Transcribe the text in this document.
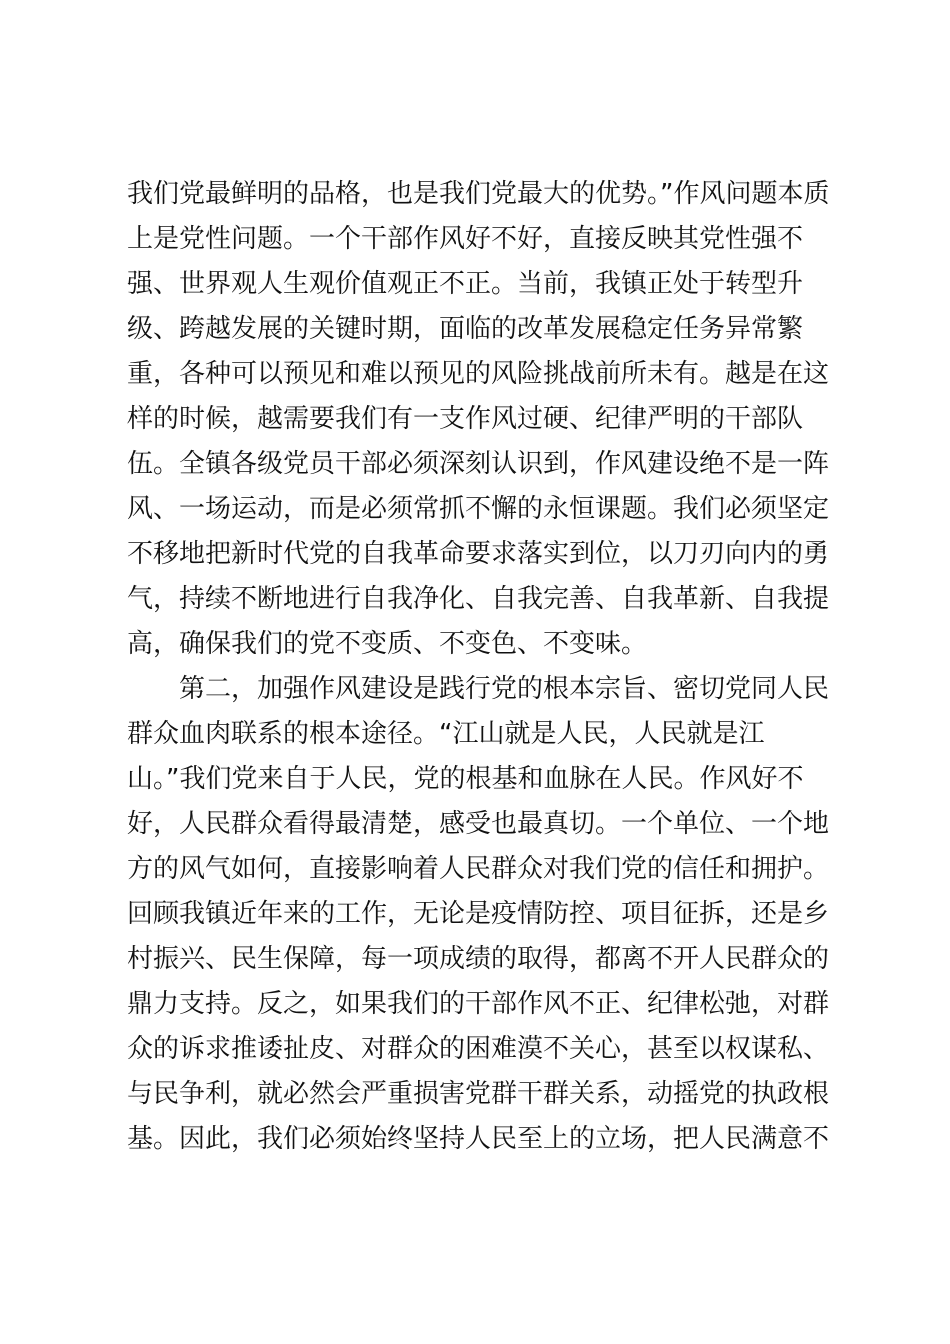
我们党最鲜明的品格，也是我们党最大的优势。”作风问题本质
上是党性问题。一个干部作风好不好，直接反映其党性强不
强、世界观人生观价值观正不正。当前，我镇正处于转型升
级、跨越发展的关键时期，面临的改革发展稳定任务异常繁
重，各种可以预见和难以预见的风险挑战前所未有。越是在这
样的时候，越需要我们有一支作风过硬、纪律严明的干部队
伍。全镇各级党员干部必须深刻认识到，作风建设绝不是一阵
风、一场运动，而是必须常抓不懈的永恒课题。我们必须坚定
不移地把新时代党的自我革命要求落实到位，以刀刃向内的勇
气，持续不断地进行自我净化、自我完善、自我革新、自我提
高，确保我们的党不变质、不变色、不变味。
第二，加强作风建设是践行党的根本宗旨、密切党同人民
群众血肉联系的根本途径。“江山就是人民，人民就是江
山。”我们党来自于人民，党的根基和血脉在人民。作风好不
好，人民群众看得最清楚，感受也最真切。一个单位、一个地
方的风气如何，直接影响着人民群众对我们党的信任和拥护。
回顾我镇近年来的工作，无论是疫情防控、项目征拆，还是乡
村振兴、民生保障，每一项成绩的取得，都离不开人民群众的
鼎力支持。反之，如果我们的干部作风不正、纪律松弛，对群
众的诉求推诿扯皮、对群众的困难漠不关心，甚至以权谋私、
与民争利，就必然会严重损害党群干群关系，动摇党的执政根
基。因此，我们必须始终坚持人民至上的立场，把人民满意不
